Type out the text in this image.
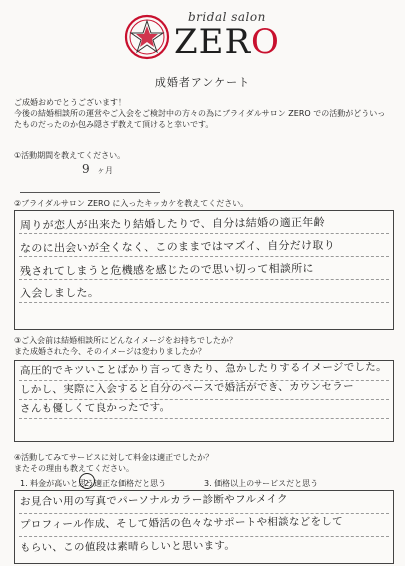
bridal salon
ZERO
成婚者アンケート

ご成婚おめでとうございます！

今後の結婚相談所の運営やご入会をご検討中の方々の為にブライダルサロン ZERO での活動がどういっ

たものだったのか包み隠さず教えて頂けると幸いです。

①活動期間を教えてください。
9 ヶ月
②ブライダルサロン ZERO に入ったキッカケを教えてください。
周りが恋人が出来たり結婚したりで、自分は結婚の適正年齢
なのに出会いが全くなく、このままではマズイ、自分だけ取り
残されてしまうと危機感を感じたので思い切って相談所に
入会しました。

③ご入会前は結婚相談所にどんなイメージをお持ちでしたか？

また成婚された今、そのイメージは変わりましたか？

高圧的でキツいことばかり言ってきたり、急かしたりするイメージでした。
しかし、実際に入会すると自分のペースで婚活ができ、カウンセラー
さんも優しくて良かったです。

④活動してみてサービスに対して料金は適正でしたか？

またその理由も教えてください。

1. 料金が高いと思う
2. 適正な価格だと思う	3. 価格以上のサービスだと思う
お見合い用の写真でパーソナルカラー診断やフルメイク
プロフィール作成、そして婚活の色々なサポートや相談などをして
もらい、この値段は素晴らしいと思います。
